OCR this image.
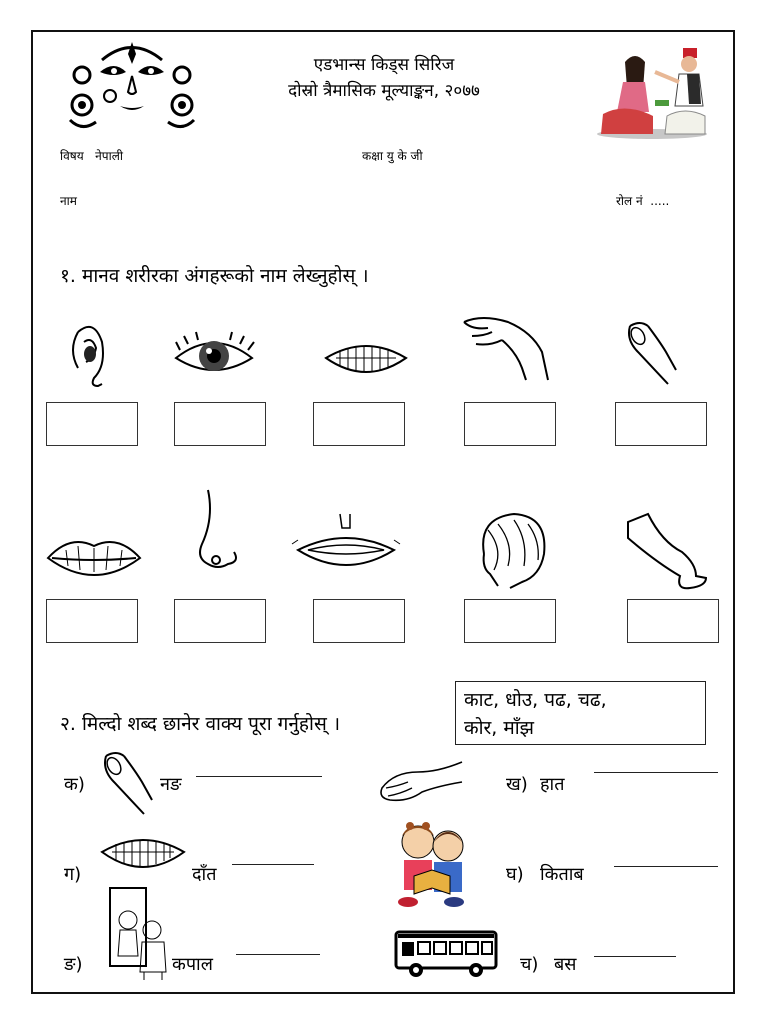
एडभान्स किड्स सिरिज
दोस्रो त्रैमासिक मूल्याङ्कन, २०७७
विषय   नेपाली	कक्षा यु के जी
नाम	रोल नं  .....
१. मानव शरीरका अंगहरूको नाम लेख्नुहोस् ।
२. मिल्दो शब्द छानेर वाक्य पूरा गर्नुहोस् ।
काट, धोउ, पढ, चढ,
कोर, माँझ
क)	नङ	ख) हात
ग)	दाँत	घ) किताब
ङ)	कपाल	च) बस
